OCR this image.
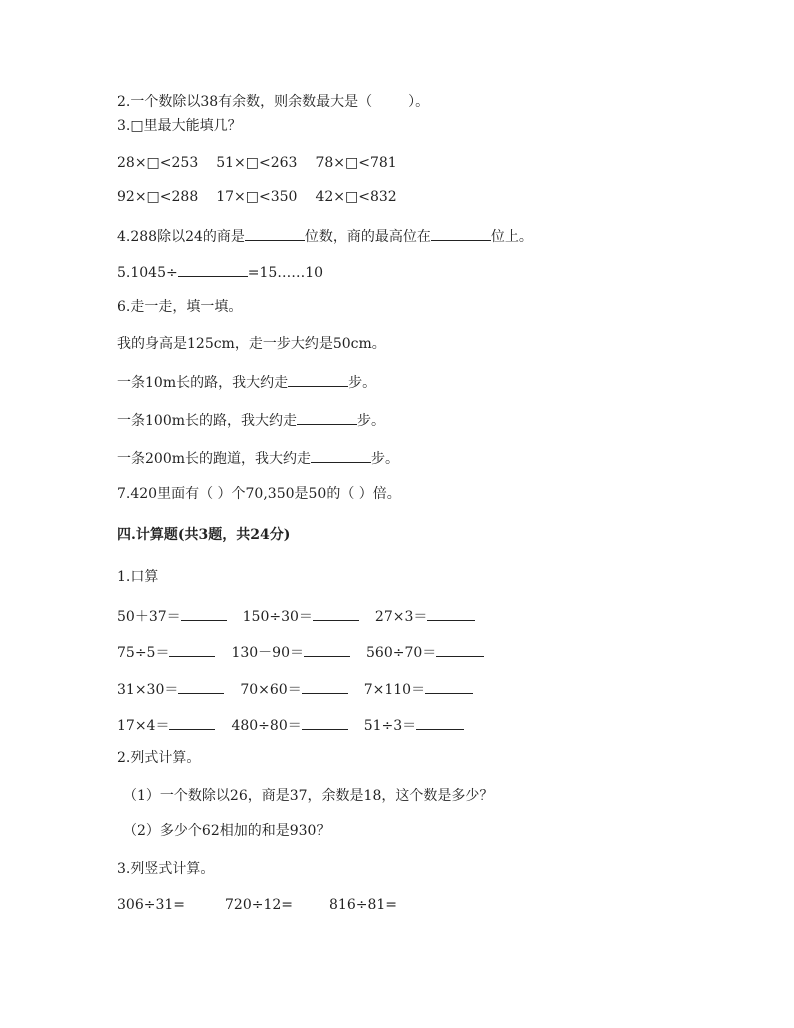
2.一个数除以38有余数，则余数最大是（	）。
3.□里最大能填几？
28×□<253 51×□<263 78×□<781
92×□<288 17×□<350 42×□<832
4.288除以24的商是	位数，商的最高位在	位上。
5.1045÷	=15……10
6.走一走，填一填。
我的身高是125cm，走一步大约是50cm。
一条10m长的路，我大约走	步。
一条100m长的路，我大约走	步。
一条200m长的跑道，我大约走	步。
7.420里面有（ ）个70,350是50的（ ）倍。
四.计算题(共3题，共24分)
1.口算
50＋37＝	150÷30＝	27×3＝
75÷5＝	130－90＝	560÷70＝
31×30＝	70×60＝	7×110＝
17×4＝	480÷80＝	51÷3＝
2.列式计算。
（1）一个数除以26，商是37，余数是18，这个数是多少？
（2）多少个62相加的和是930？
3.列竖式计算。
306÷31=	720÷12=	816÷81=
